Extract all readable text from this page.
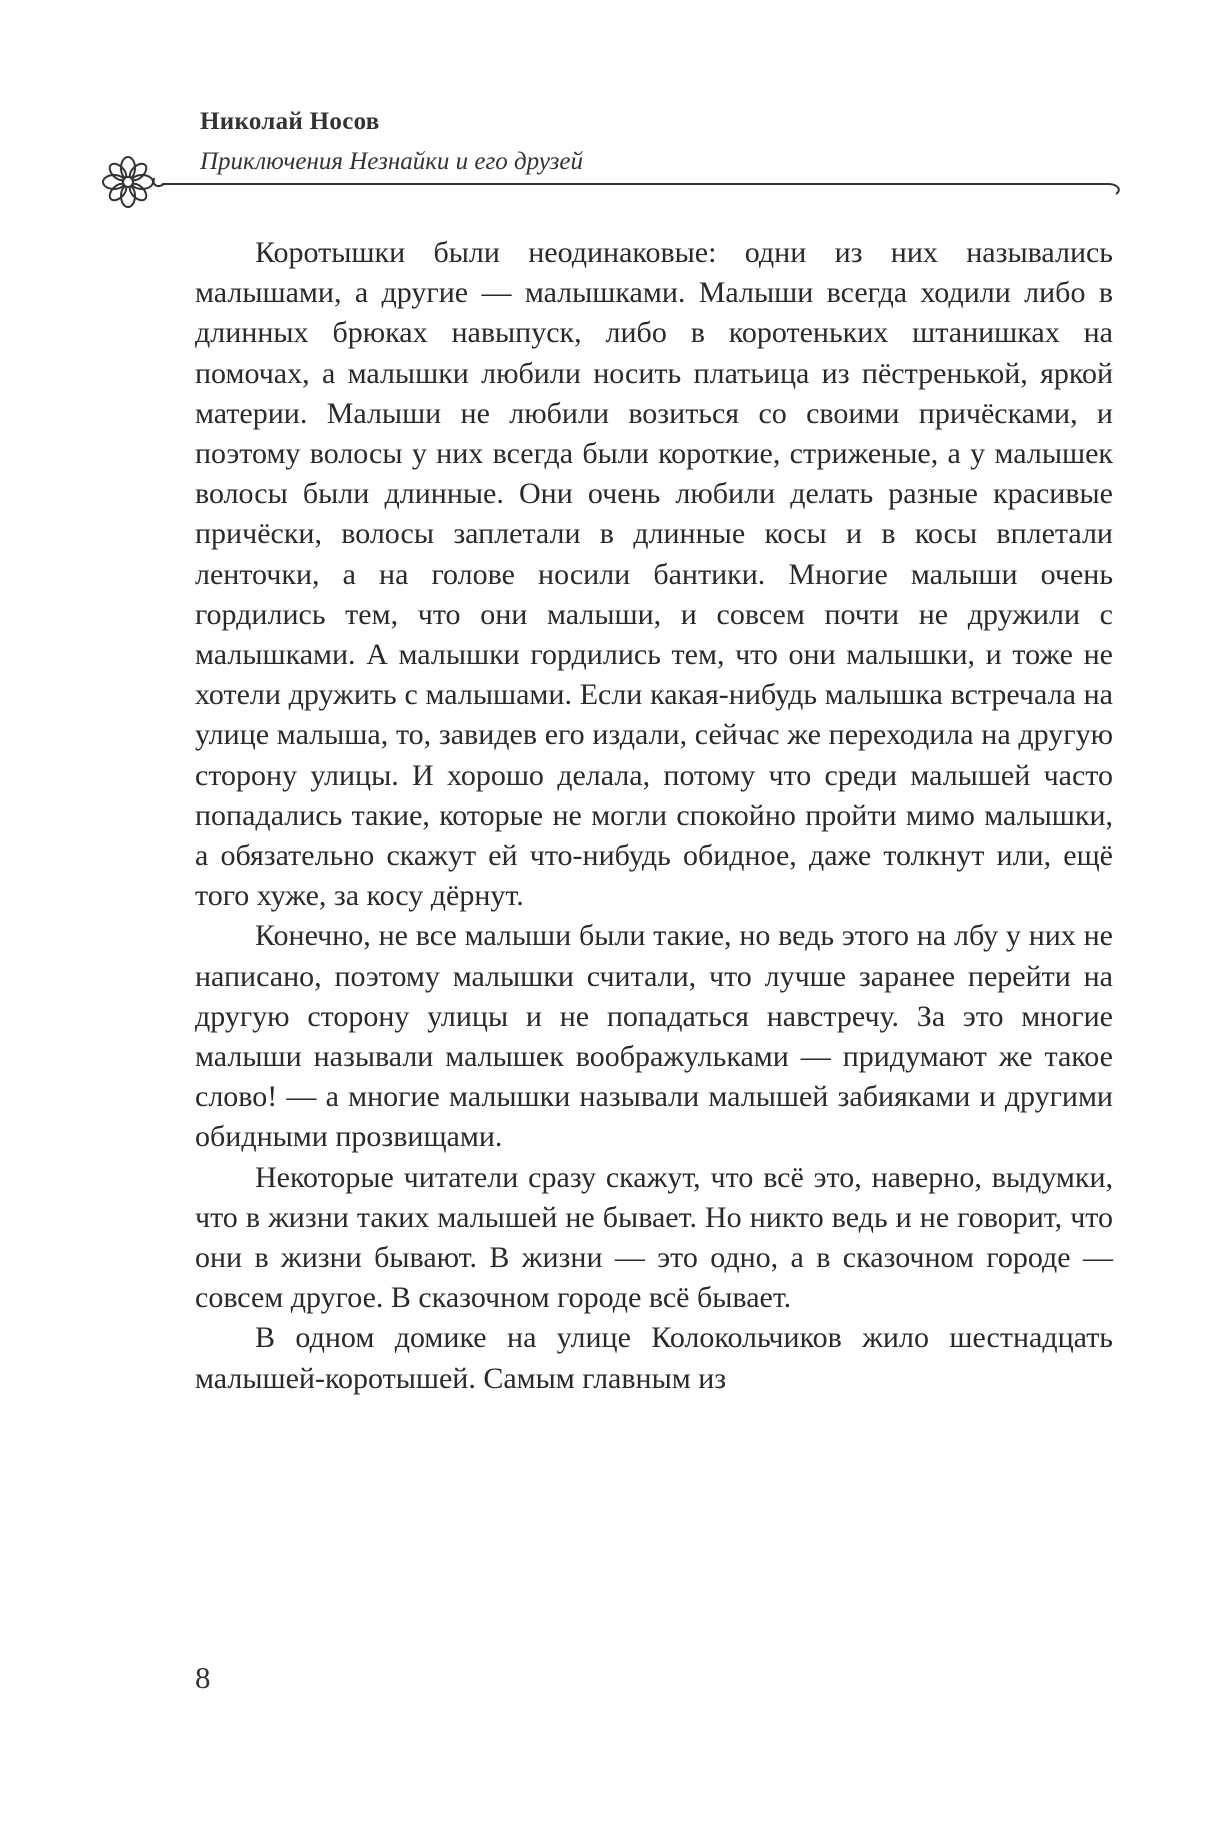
Николай Носов
Приключения Незнайки и его друзей

Коротышки были неодинаковые: одни из них назывались малышами, а другие — малышками. Малыши всегда ходили либо в длинных брюках навыпуск, либо в коротеньких штанишках на помочах, а малышки любили носить платьица из пёстренькой, яркой материи. Малыши не любили возиться со своими причёсками, и поэтому волосы у них всегда были короткие, стриженые, а у малышек волосы были длинные. Они очень любили делать разные красивые причёски, волосы заплетали в длинные косы и в косы вплетали ленточки, а на голове носили бантики. Многие малыши очень гордились тем, что они малыши, и совсем почти не дружили с малышками. А малышки гордились тем, что они малышки, и тоже не хотели дружить с малышами. Если какая-нибудь малышка встречала на улице малыша, то, завидев его издали, сейчас же переходила на другую сторону улицы. И хорошо делала, потому что среди малышей часто попадались такие, которые не могли спокойно пройти мимо малышки, а обязательно скажут ей что-нибудь обидное, даже толкнут или, ещё того хуже, за косу дёрнут.

Конечно, не все малыши были такие, но ведь этого на лбу у них не написано, поэтому малышки считали, что лучше заранее перейти на другую сторону улицы и не попадаться навстречу. За это многие малыши называли малышек воображульками — придумают же такое слово! — а многие малышки называли малышей забияками и другими обидными прозвищами.

Некоторые читатели сразу скажут, что всё это, наверно, выдумки, что в жизни таких малышей не бывает. Но никто ведь и не говорит, что они в жизни бывают. В жизни — это одно, а в сказочном городе — совсем другое. В сказочном городе всё бывает.

В одном домике на улице Колокольчиков жило шестнадцать малышей-коротышей. Самым главным из

8
